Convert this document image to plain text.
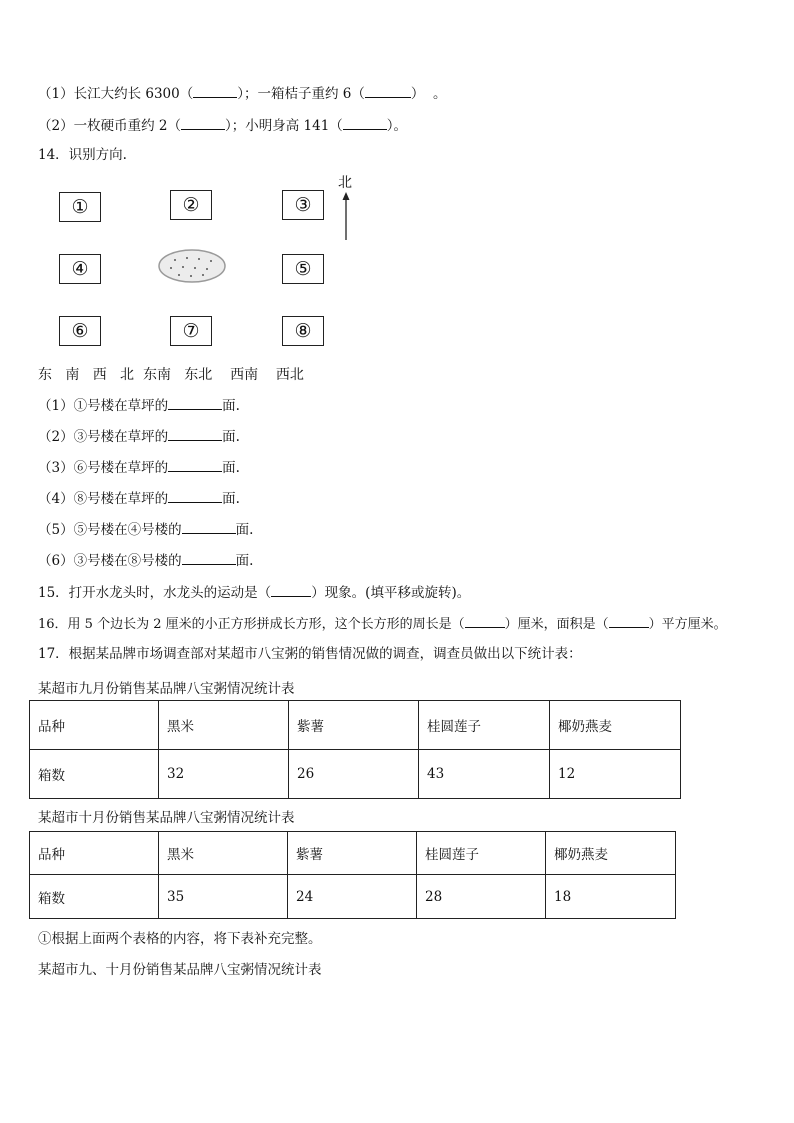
（1）长江大约长 6300（	）；一箱桔子重约 6（	）  。
（2）一枚硬币重约 2（	）；小明身高 141（	）。
14．识别方向.
①	②	③
④	⑤
⑥	⑦	⑧
北
东   南   西   北  东南   东北    西南    西北
（1）①号楼在草坪的	面.
（2）③号楼在草坪的	面.
（3）⑥号楼在草坪的	面.
（4）⑧号楼在草坪的	面.
（5）⑤号楼在④号楼的	面.
（6）③号楼在⑧号楼的	面.
15．打开水龙头时，水龙头的运动是（	）现象。(填平移或旋转)。
16．用 5 个边长为 2 厘米的小正方形拼成长方形，这个长方形的周长是（	）厘米，面积是（	）平方厘米。
17．根据某品牌市场调查部对某超市八宝粥的销售情况做的调查，调查员做出以下统计表：
某超市九月份销售某品牌八宝粥情况统计表
品种	黑米	紫薯	桂圆莲子	椰奶燕麦
箱数	32	26	43	12
某超市十月份销售某品牌八宝粥情况统计表
品种	黑米	紫薯	桂圆莲子	椰奶燕麦
箱数	35	24	28	18
①根据上面两个表格的内容，将下表补充完整。
某超市九、十月份销售某品牌八宝粥情况统计表
